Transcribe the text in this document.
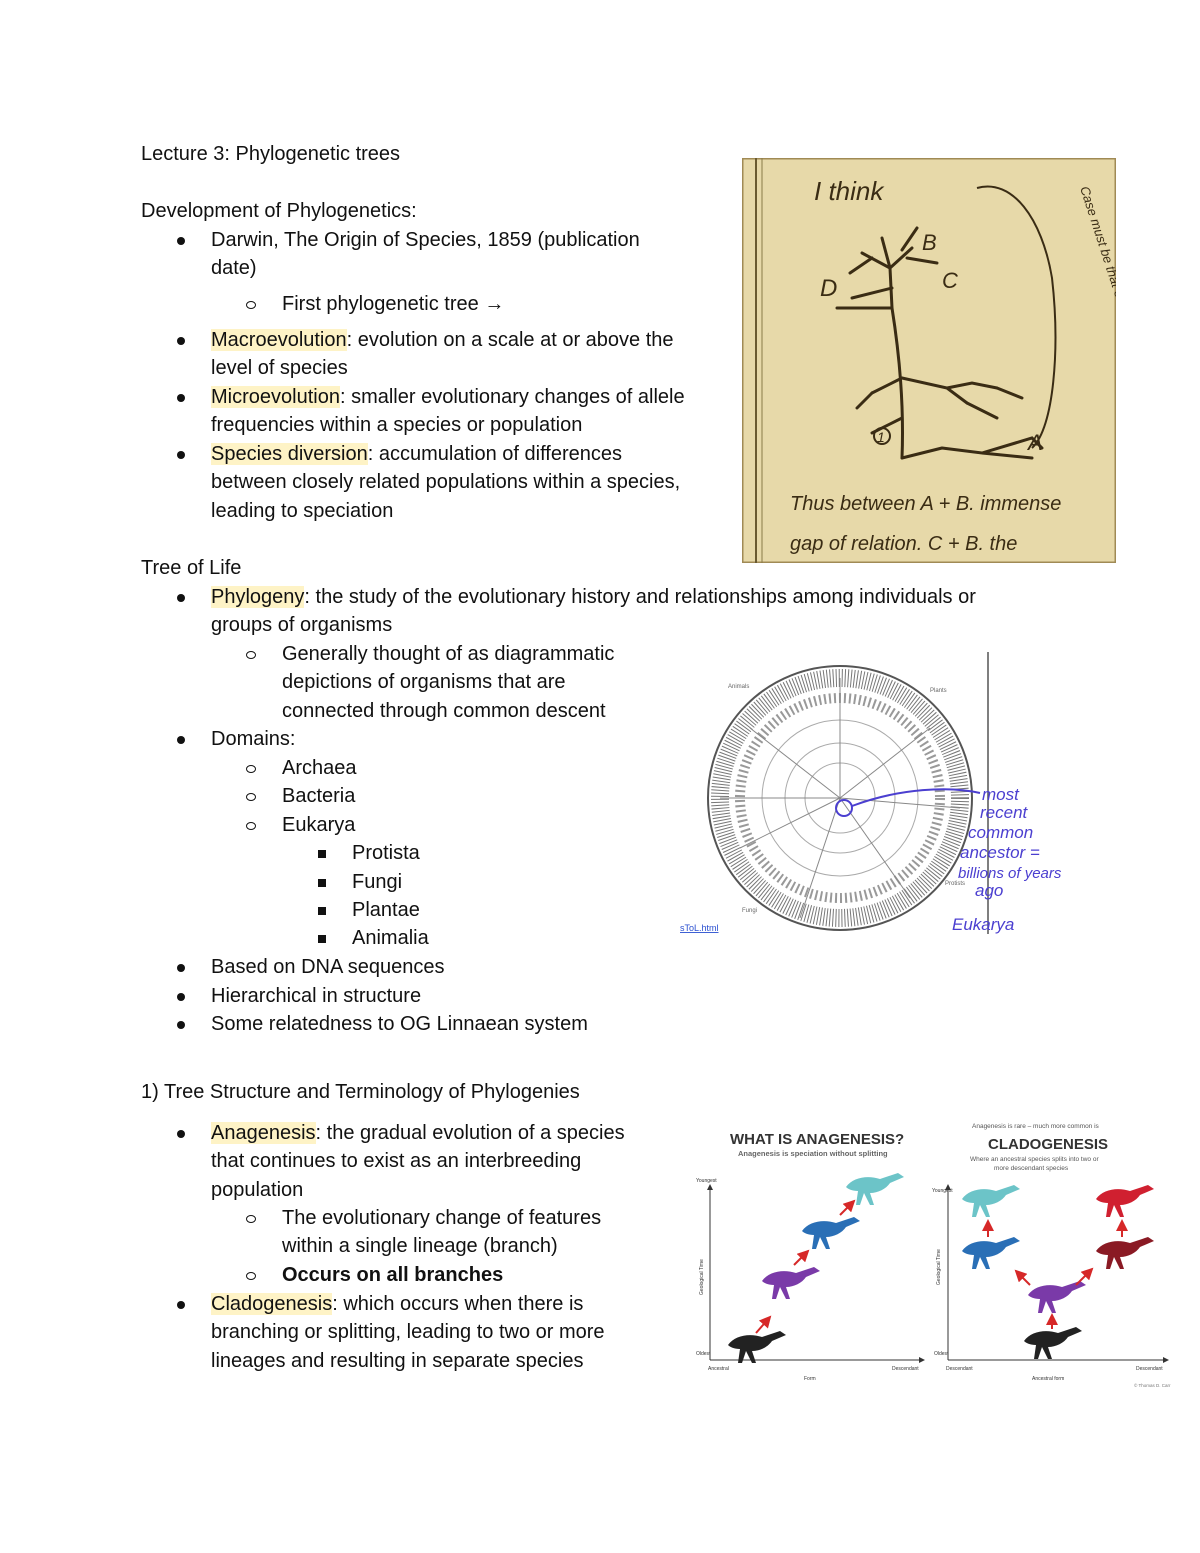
Lecture 3: Phylogenetic trees
Development of Phylogenetics:
Darwin, The Origin of Species, 1859 (publication
date)
First phylogenetic tree →
Macroevolution: evolution on a scale at or above the
level of species
Microevolution: smaller evolutionary changes of allele
frequencies within a species or population
Species diversion: accumulation of differences
between closely related populations within a species,
leading to speciation
Tree of Life
Phylogeny: the study of the evolutionary history and relationships among individuals or
groups of organisms
Generally thought of as diagrammatic
depictions of organisms that are
connected through common descent
Domains:
Archaea
Bacteria
Eukarya
Protista
Fungi
Plantae
Animalia
Based on DNA sequences
Hierarchical in structure
Some relatedness to OG Linnaean system
1) Tree Structure and Terminology of Phylogenies
Anagenesis: the gradual evolution of a species
that continues to exist as an interbreeding
population
The evolutionary change of features
within a single lineage (branch)
Occurs on all branches
Cladogenesis: which occurs when there is
branching or splitting, leading to two or more
lineages and resulting in separate species
I think
B
C
D
A
1
Thus between A + B. immense
gap of relation. C + B. the
Animals
Plants
Protists
Fungi
sToL.html
most
recent
common
ancestor =
billions of years
ago
Eukarya
WHAT IS ANAGENESIS?
Anagenesis is speciation without splitting
Youngest
Oldest
Geological Time
Ancestral	Descendant
Form
Anagenesis is rare – much more common is
CLADOGENESIS
Where an ancestral species splits into two or
more descendant species
Youngest
Oldest
Geological Time
Descendant	Descendant
Ancestral form
© Thomas D. Carr
